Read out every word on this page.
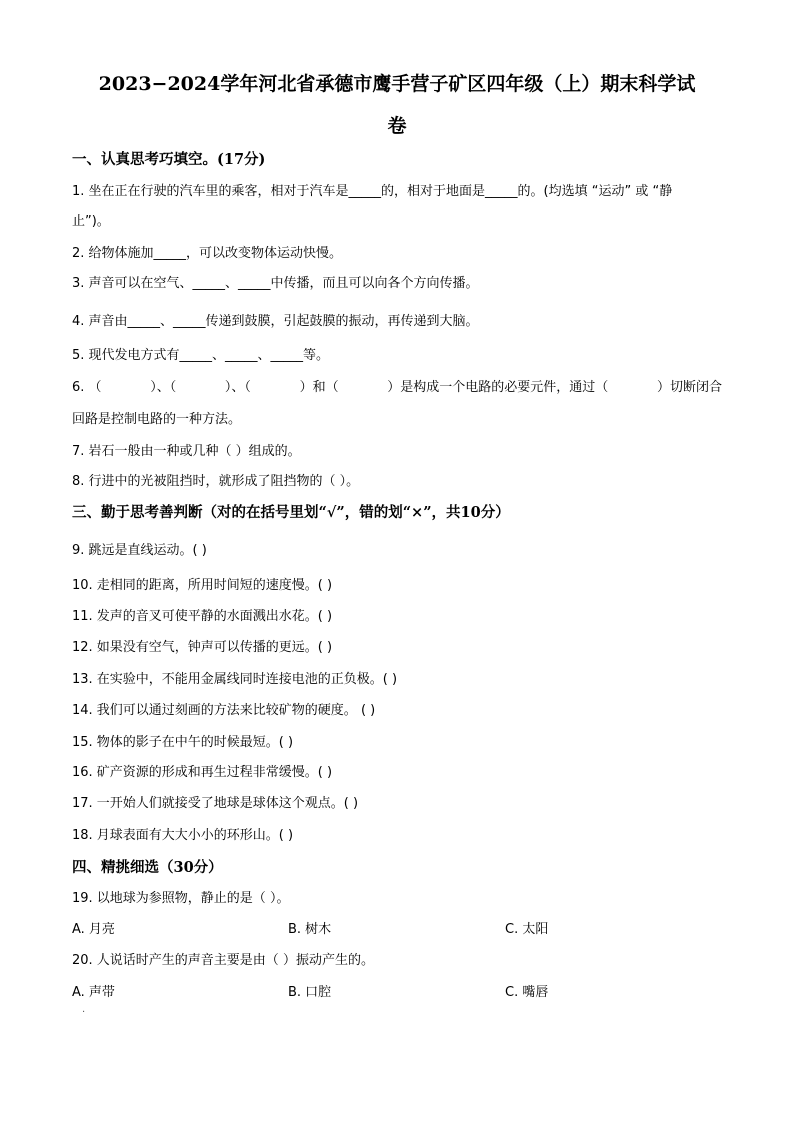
2023−2024学年河北省承德市鹰手营子矿区四年级（上）期末科学试
卷
一、认真思考巧填空。(17分)
1. 坐在正在行驶的汽车里的乘客，相对于汽车是_____的，相对于地面是_____的。(均选填 “运动” 或 “静
止”)。
2. 给物体施加_____，可以改变物体运动快慢。
3. 声音可以在空气、_____、_____中传播，而且可以向各个方向传播。
4. 声音由_____、_____传递到鼓膜，引起鼓膜的振动，再传递到大脑。
5. 现代发电方式有_____、_____、_____等。
6. （	）、（	）、（	）和（	）是构成一个电路的必要元件，通过（	）切断闭合
回路是控制电路的一种方法。
7. 岩石一般由一种或几种（ ）组成的。
8. 行进中的光被阻挡时，就形成了阻挡物的（ ）。
三、勤于思考善判断（对的在括号里划“√”，错的划“×”，共10分）
9. 跳远是直线运动。( )
10. 走相同的距离，所用时间短的速度慢。( )
11. 发声的音叉可使平静的水面溅出水花。( )
12. 如果没有空气，钟声可以传播的更远。( )
13. 在实验中，不能用金属线同时连接电池的正负极。( )
14. 我们可以通过刻画的方法来比较矿物的硬度。 ( )
15. 物体的影子在中午的时候最短。( )
16. 矿产资源的形成和再生过程非常缓慢。( )
17. 一开始人们就接受了地球是球体这个观点。( )
18. 月球表面有大大小小的环形山。( )
四、精挑细选（30分）
19. 以地球为参照物，静止的是（ ）。
A. 月亮	B. 树木	C. 太阳
20. 人说话时产生的声音主要是由（ ）振动产生的。
A. 声带	B. 口腔	C. 嘴唇
.
